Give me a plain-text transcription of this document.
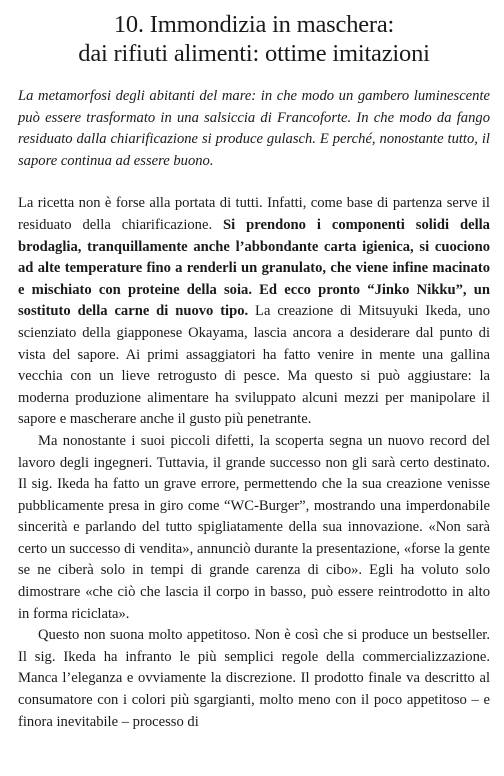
10. Immondizia in maschera:
dai rifiuti alimenti: ottime imitazioni

La metamorfosi degli abitanti del mare: in che modo un gambero luminescente può essere trasformato in una salsiccia di Francoforte. In che modo da fango residuato dalla chiarificazione si produce gulasch. E perché, nonostante tutto, il sapore continua ad essere buono.

La ricetta non è forse alla portata di tutti. Infatti, come base di partenza serve il residuato della chiarificazione. Si prendono i componenti solidi della brodaglia, tranquillamente anche l’abbondante carta igienica, si cuociono ad alte temperature fino a renderli un granulato, che viene infine macinato e mischiato con proteine della soia. Ed ecco pronto “Jinko Nikku”, un sostituto della carne di nuovo tipo. La creazione di Mitsuyuki Ikeda, uno scienziato della giapponese Okayama, lascia ancora a desiderare dal punto di vista del sapore. Ai primi assaggiatori ha fatto venire in mente una gallina vecchia con un lieve retrogusto di pesce. Ma questo si può aggiustare: la moderna produzione alimentare ha sviluppato alcuni mezzi per manipolare il sapore e mascherare anche il gusto più penetrante.

Ma nonostante i suoi piccoli difetti, la scoperta segna un nuovo record del lavoro degli ingegneri. Tuttavia, il grande successo non gli sarà certo destinato. Il sig. Ikeda ha fatto un grave errore, permettendo che la sua creazione venisse pubblicamente presa in giro come “WC-Burger”, mostrando una imperdonabile sincerità e parlando del tutto spigliatamente della sua innovazione. «Non sarà certo un successo di vendita», annunciò durante la presentazione, «forse la gente se ne ciberà solo in tempi di grande carenza di cibo». Egli ha voluto solo dimostrare «che ciò che lascia il corpo in basso, può essere reintrodotto in alto in forma riciclata».

Questo non suona molto appetitoso. Non è così che si produce un bestseller. Il sig. Ikeda ha infranto le più semplici regole della commercializzazione. Manca l’eleganza e ovviamente la discrezione. Il prodotto finale va descritto al consumatore con i colori più sgargianti, molto meno con il poco appetitoso – e finora inevitabile – processo di
